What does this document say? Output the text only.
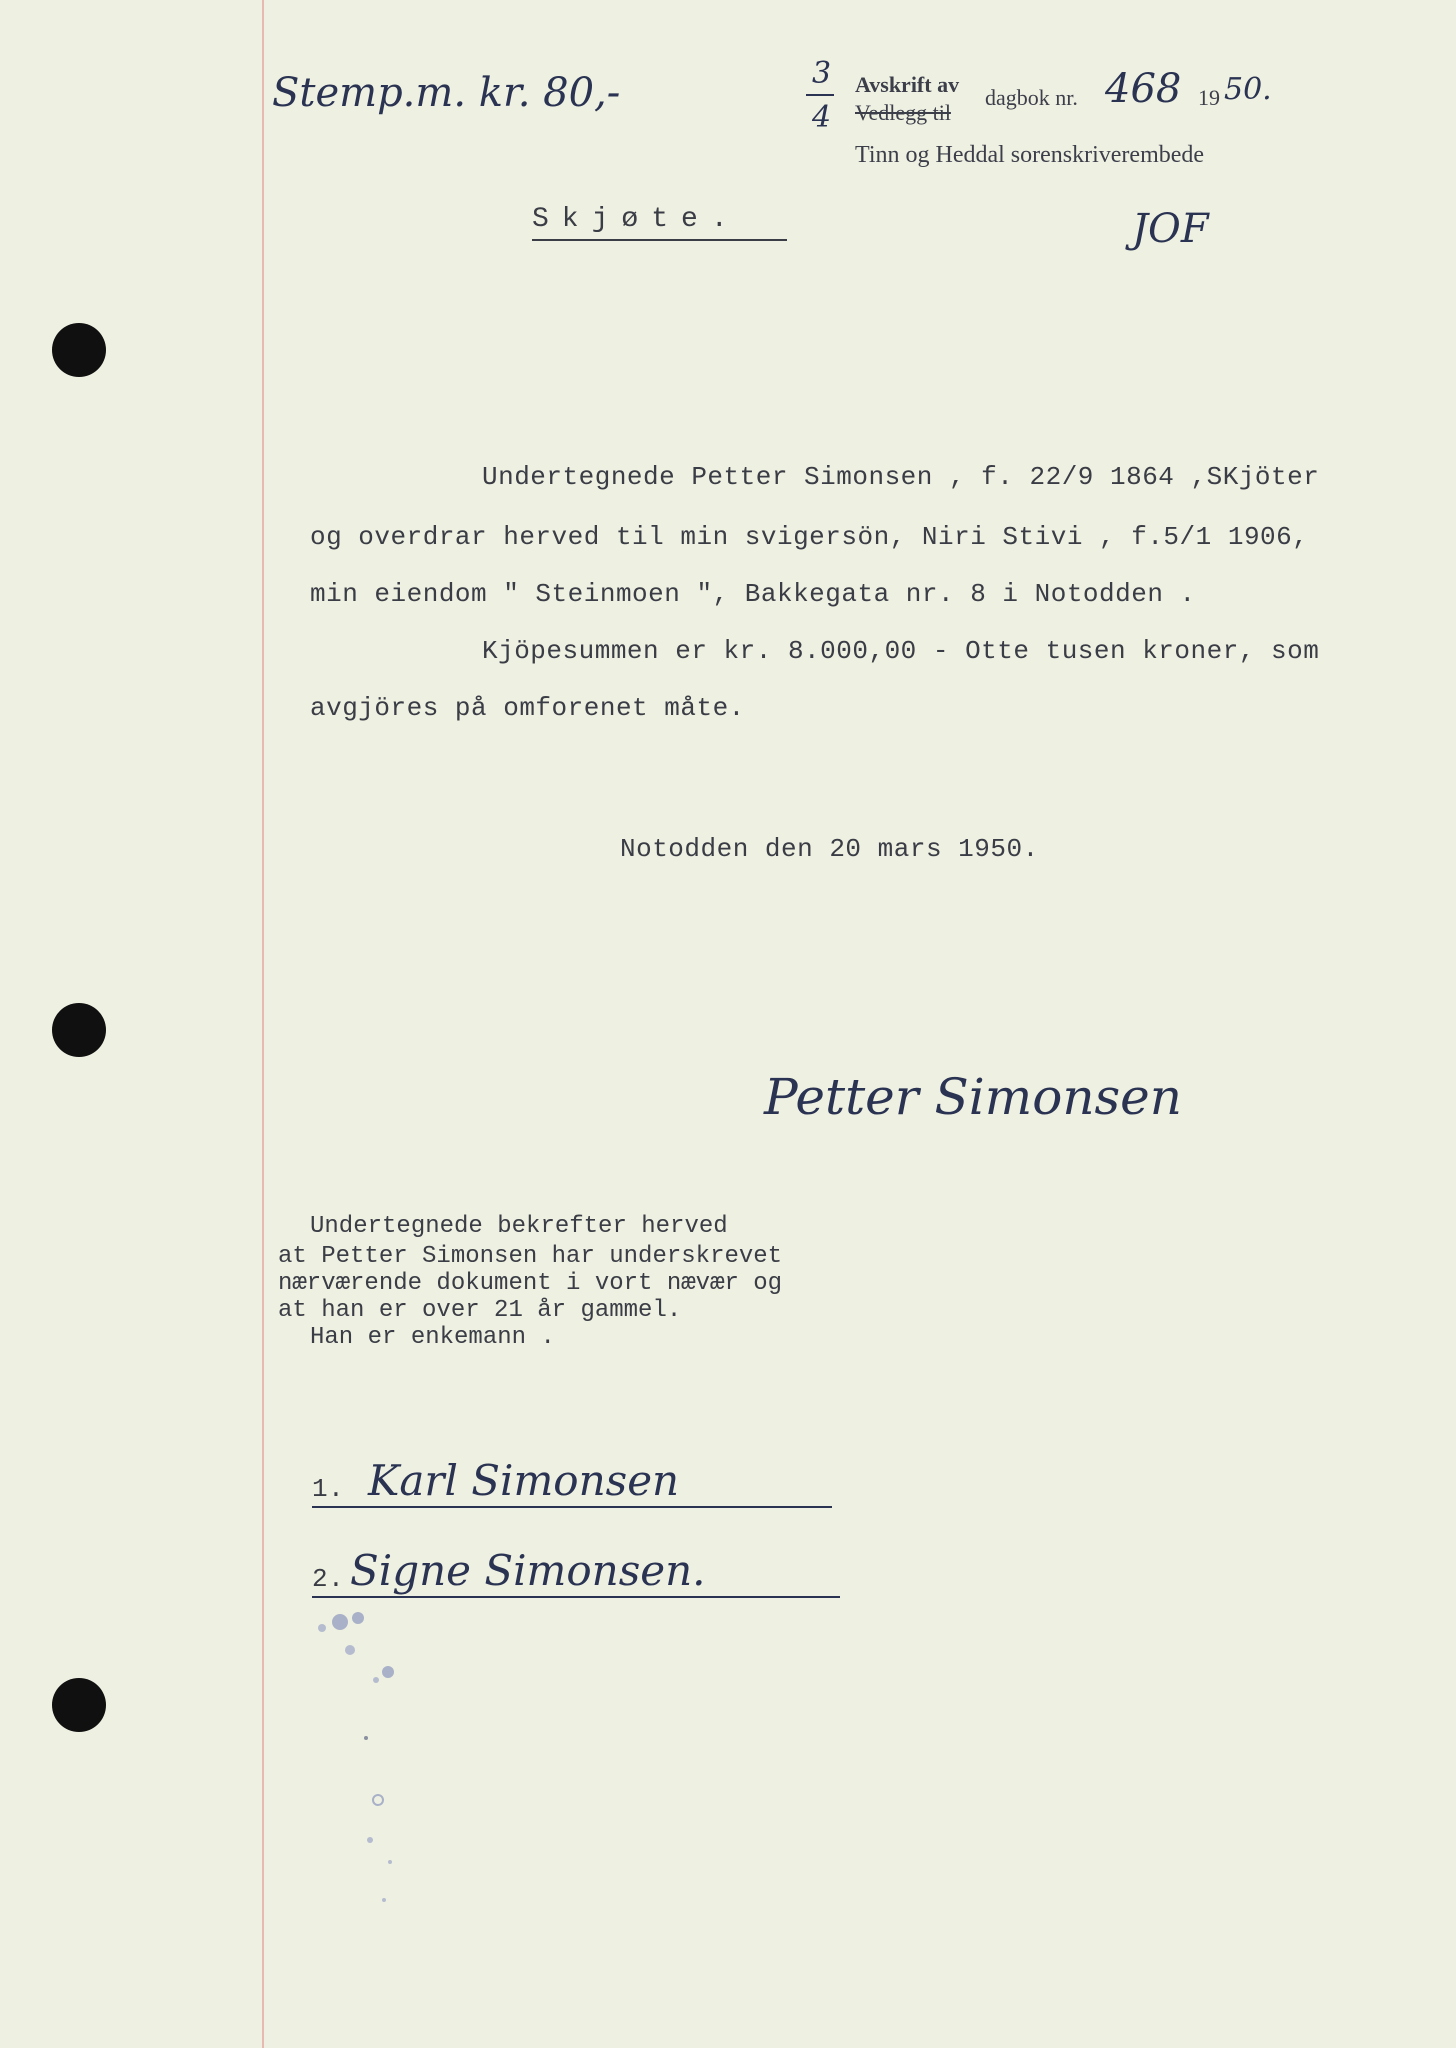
Stemp.m. kr. 80,-	3
4
Avskrift av
Vedlegg til
dagbok nr. 468 19 50.
Tinn og Heddal sorenskriverembede
JOF
Skjøte.
Undertegnede Petter Simonsen , f. 22/9 1864 ,SKjöter
og overdrar herved til min svigersön, Niri Stivi , f.5/1 1906,
min eiendom " Steinmoen ", Bakkegata nr. 8 i Notodden .
Kjöpesummen er kr. 8.000,00 - Otte tusen kroner, som
avgjöres på omforenet måte.
Notodden den 20 mars 1950.
Petter Simonsen
Undertegnede bekrefter herved
at Petter Simonsen har underskrevet
nærværende dokument i vort nævær og
at han er over 21 år gammel.
Han er enkemann .
1. Karl Simonsen
2. Signe Simonsen.
